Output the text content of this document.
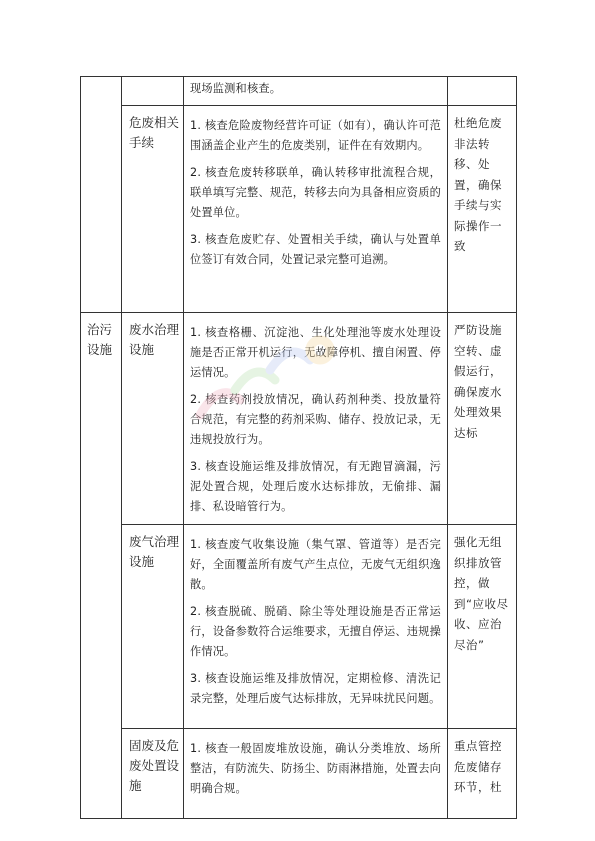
		现场监测和核查。	

	危废相关手续	1. 核查危险废物经营许可证（如有），确认许可范围涵盖企业产生的危废类别，证件在有效期内。

2. 核查危废转移联单，确认转移审批流程合规，联单填写完整、规范，转移去向为具备相应资质的处置单位。

3. 核查危废贮存、处置相关手续，确认与处置单位签订有效合同，处置记录完整可追溯。	杜绝危废非法转移、处置，确保手续与实际操作一致
治污设施	废水治理设施	1. 核查格栅、沉淀池、生化处理池等废水处理设施是否正常开机运行，无故障停机、擅自闲置、停运情况。

2. 核查药剂投放情况，确认药剂种类、投放量符合规范，有完整的药剂采购、储存、投放记录，无违规投放行为。

3. 核查设施运维及排放情况，有无跑冒滴漏，污泥处置合规，处理后废水达标排放，无偷排、漏排、私设暗管行为。	严防设施空转、虚假运行，确保废水处理效果达标
	废气治理设施	1. 核查废气收集设施（集气罩、管道等）是否完好，全面覆盖所有废气产生点位，无废气无组织逸散。

2. 核查脱硫、脱硝、除尘等处理设施是否正常运行，设备参数符合运维要求，无擅自停运、违规操作情况。

3. 核查设施运维及排放情况，定期检修、清洗记录完整，处理后废气达标排放，无异味扰民问题。	强化无组织排放管控，做到“应收尽收、应治尽治”
	固废及危废处置设施	1. 核查一般固废堆放设施，确认分类堆放、场所整洁，有防流失、防扬尘、防雨淋措施，处置去向明确合规。	重点管控危废储存环节，杜
